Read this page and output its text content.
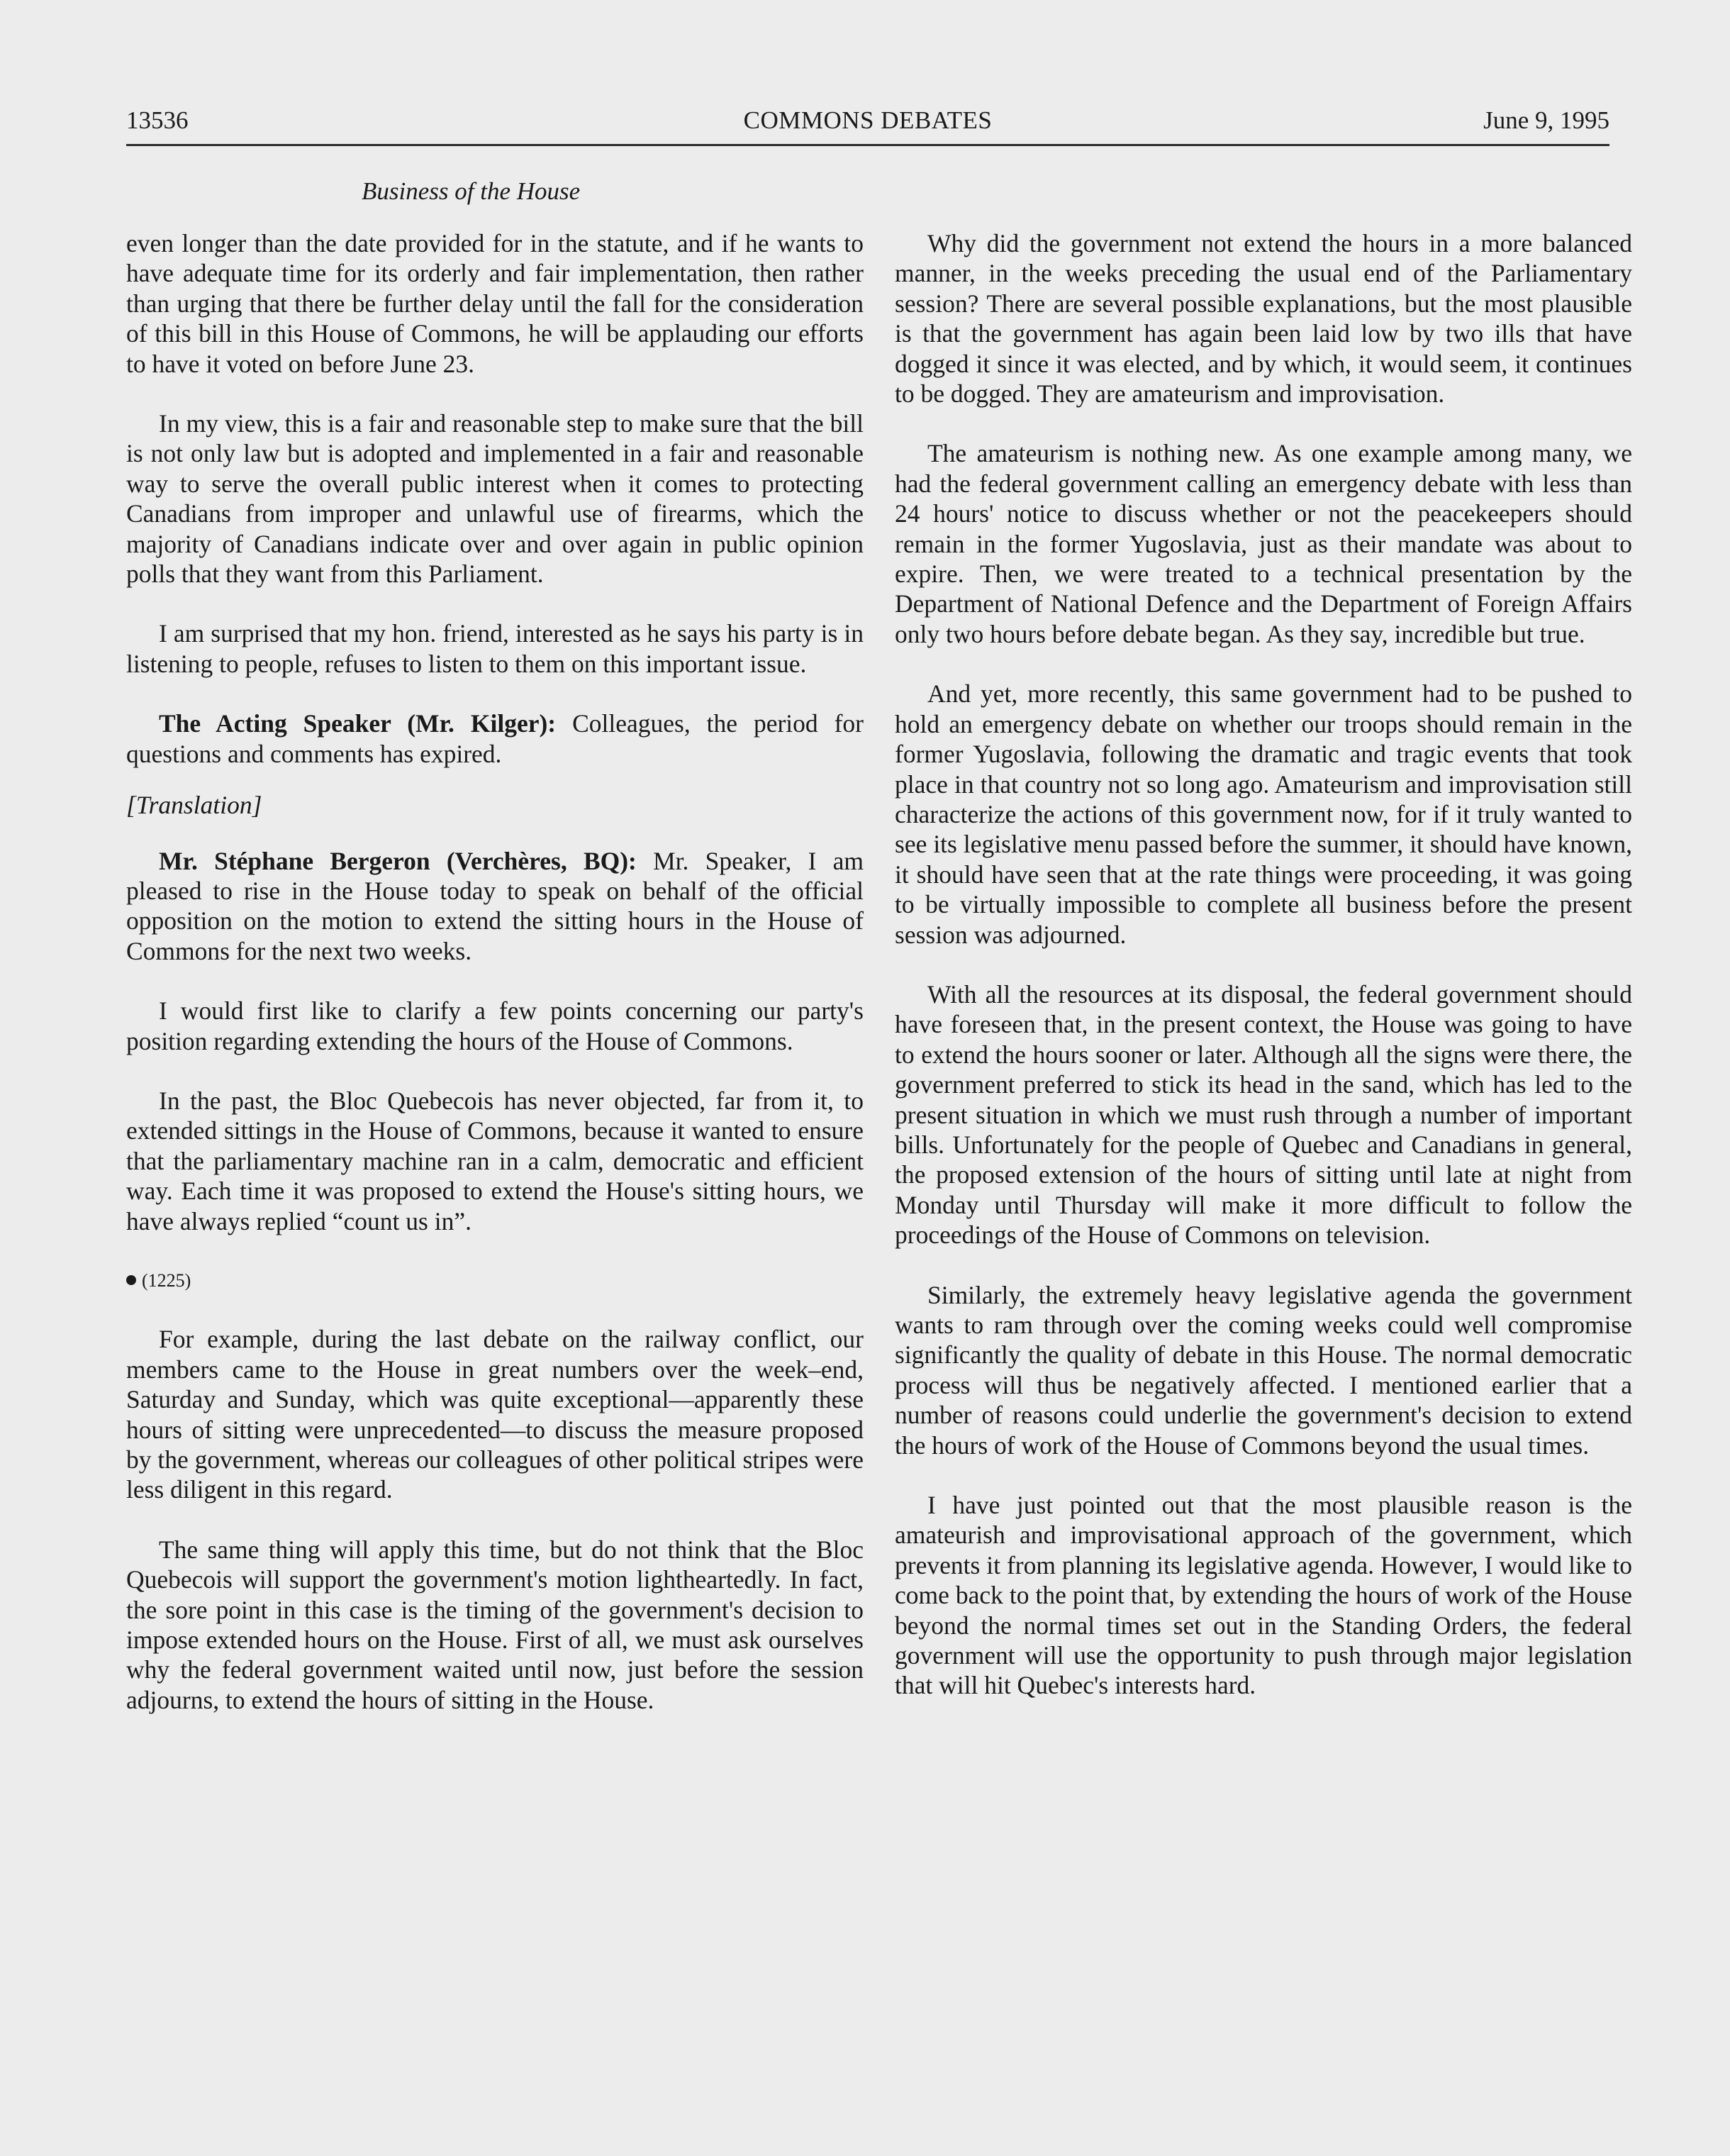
13536	COMMONS DEBATES	June 9, 1995
Business of the House

even longer than the date provided for in the statute, and if he wants to have adequate time for its orderly and fair implementation, then rather than urging that there be further delay until the fall for the consideration of this bill in this House of Commons, he will be applauding our efforts to have it voted on before June 23.

In my view, this is a fair and reasonable step to make sure that the bill is not only law but is adopted and implemented in a fair and reasonable way to serve the overall public interest when it comes to protecting Canadians from improper and unlawful use of firearms, which the majority of Canadians indicate over and over again in public opinion polls that they want from this Parliament.

I am surprised that my hon. friend, interested as he says his party is in listening to people, refuses to listen to them on this important issue.

The Acting Speaker (Mr. Kilger): Colleagues, the period for questions and comments has expired.

[Translation]

Mr. Stéphane Bergeron (Verchères, BQ): Mr. Speaker, I am pleased to rise in the House today to speak on behalf of the official opposition on the motion to extend the sitting hours in the House of Commons for the next two weeks.

I would first like to clarify a few points concerning our party's position regarding extending the hours of the House of Commons.

In the past, the Bloc Quebecois has never objected, far from it, to extended sittings in the House of Commons, because it wanted to ensure that the parliamentary machine ran in a calm, democratic and efficient way. Each time it was proposed to extend the House's sitting hours, we have always replied “count us in”.

(1225)

For example, during the last debate on the railway conflict, our members came to the House in great numbers over the week–end, Saturday and Sunday, which was quite exceptional—apparently these hours of sitting were unprecedented—to discuss the measure proposed by the government, whereas our colleagues of other political stripes were less diligent in this regard.

The same thing will apply this time, but do not think that the Bloc Quebecois will support the government's motion lightheartedly. In fact, the sore point in this case is the timing of the government's decision to impose extended hours on the House. First of all, we must ask ourselves why the federal government waited until now, just before the session adjourns, to extend the hours of sitting in the House.

Why did the government not extend the hours in a more balanced manner, in the weeks preceding the usual end of the Parliamentary session? There are several possible explanations, but the most plausible is that the government has again been laid low by two ills that have dogged it since it was elected, and by which, it would seem, it continues to be dogged. They are amateurism and improvisation.

The amateurism is nothing new. As one example among many, we had the federal government calling an emergency debate with less than 24 hours' notice to discuss whether or not the peacekeepers should remain in the former Yugoslavia, just as their mandate was about to expire. Then, we were treated to a technical presentation by the Department of National Defence and the Department of Foreign Affairs only two hours before debate began. As they say, incredible but true.

And yet, more recently, this same government had to be pushed to hold an emergency debate on whether our troops should remain in the former Yugoslavia, following the dramatic and tragic events that took place in that country not so long ago. Amateurism and improvisation still characterize the actions of this government now, for if it truly wanted to see its legislative menu passed before the summer, it should have known, it should have seen that at the rate things were proceeding, it was going to be virtually impossible to complete all business before the present session was adjourned.

With all the resources at its disposal, the federal government should have foreseen that, in the present context, the House was going to have to extend the hours sooner or later. Although all the signs were there, the government preferred to stick its head in the sand, which has led to the present situation in which we must rush through a number of important bills. Unfortunately for the people of Quebec and Canadians in general, the proposed extension of the hours of sitting until late at night from Monday until Thursday will make it more difficult to follow the proceedings of the House of Commons on television.

Similarly, the extremely heavy legislative agenda the government wants to ram through over the coming weeks could well compromise significantly the quality of debate in this House. The normal democratic process will thus be negatively affected. I mentioned earlier that a number of reasons could underlie the government's decision to extend the hours of work of the House of Commons beyond the usual times.

I have just pointed out that the most plausible reason is the amateurish and improvisational approach of the government, which prevents it from planning its legislative agenda. However, I would like to come back to the point that, by extending the hours of work of the House beyond the normal times set out in the Standing Orders, the federal government will use the opportunity to push through major legislation that will hit Quebec's interests hard.
